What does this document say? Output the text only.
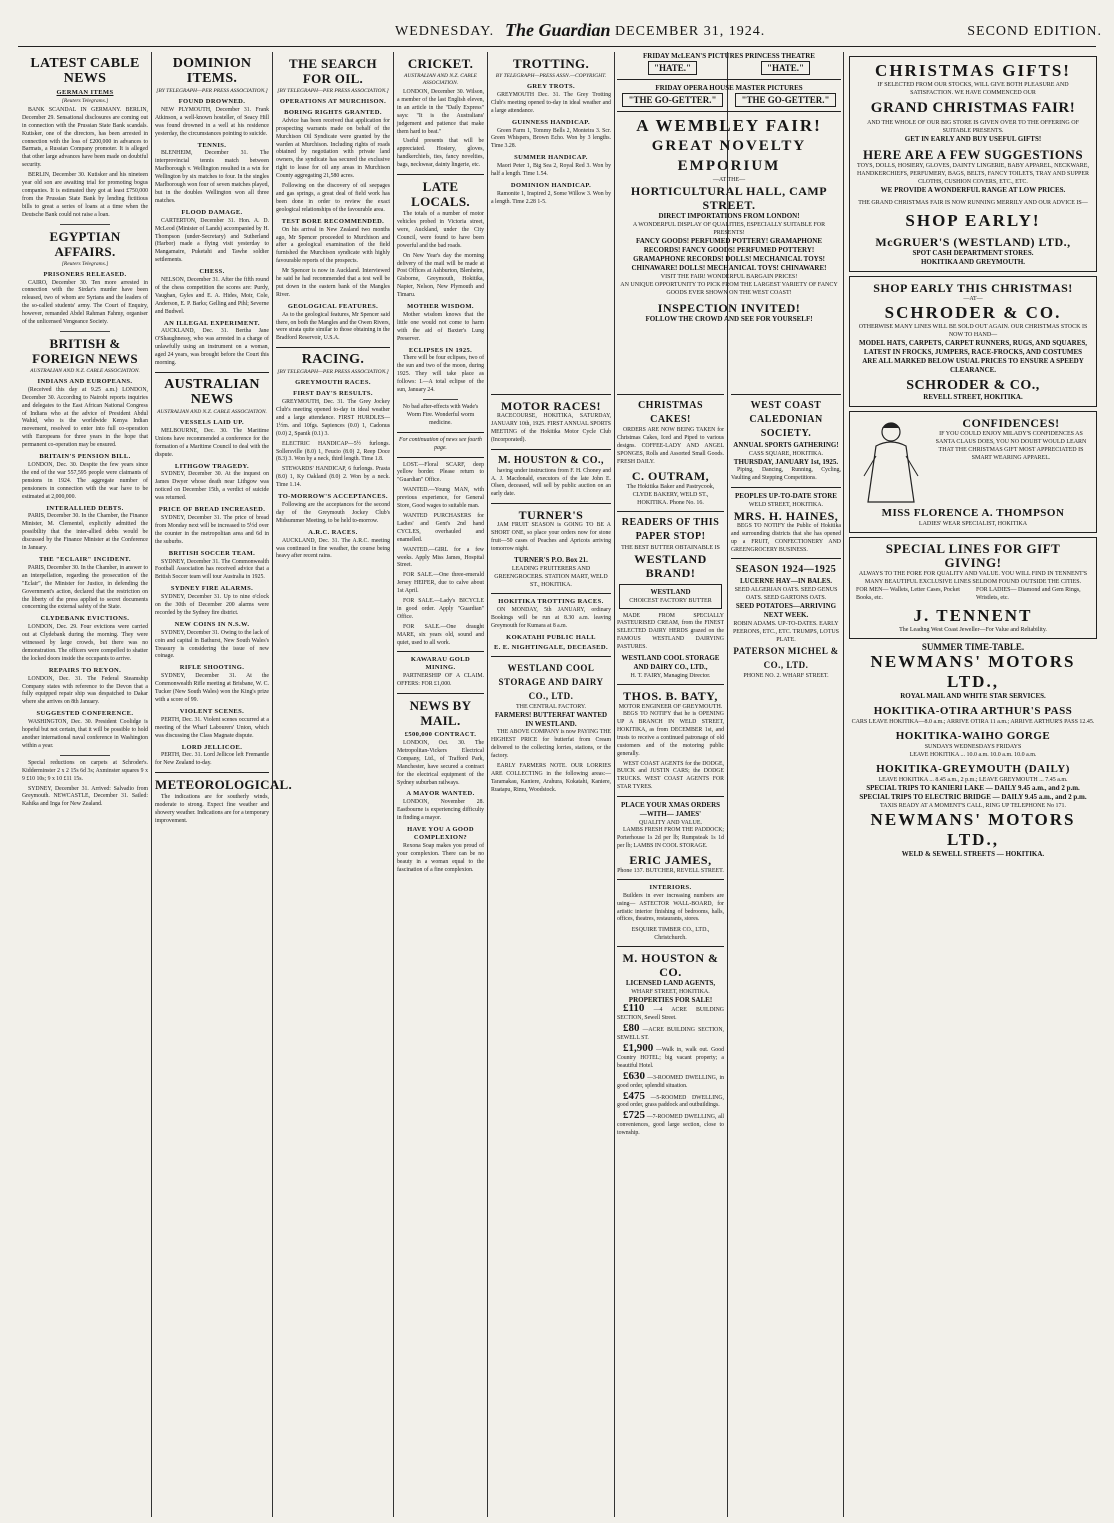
WEDNESDAY. The Guardian DECEMBER 31, 1924.	SECOND EDITION.
LATEST CABLE NEWS
GERMAN ITEMS
[Reuters Telegrams.]
BANK SCANDAL IN GERMANY. BERLIN, December 29. Sensational disclosures are coming out in connection with the Prussian State Bank scandals. Kutisker, one of the directors, has been arrested in connection with the loss of £200,000 in advances to Barmats, a Russian Company promoter. It is alleged that other large advances have been made on doubtful security.
BERLIN, December 30. Kutisker and his nineteen year old son are awaiting trial for promoting bogus companies. It is estimated they got at least £750,000 from the Prussian State Bank by lending fictitious bills to great a series of loans at a time when the Deutsche Bank could not raise a loan.
EGYPTIAN AFFAIRS.
[Reuters Telegrams.]
PRISONERS RELEASED.
CAIRO, December 30. Ten more arrested in connection with the Sirdar's murder have been released, two of whom are Syrians and the leaders of the so-called students' army. The Court of Enquiry, however, remanded Abdel Rahman Fahmy, organiser of the unlicensed Vengeance Society.
BRITISH & FOREIGN NEWS
AUSTRALIAN AND N.Z. CABLE ASSOCIATION.
INDIANS AND EUROPEANS.
(Received this day at 9.25 a.m.) LONDON, December 30. According to Nairobi reports inquiries and delegates to the East African National Congress of Indians who at the advice of President Abdul Wahid, who is the worldwide Kenya Indian movement, resolved to enter into full co-operation with Europeans for three years in the hope that permanent co-operation may be ensured.
BRITAIN'S PENSION BILL.
LONDON, Dec. 30. Despite the few years since the end of the war 557,595 people were claimants of pensions in 1924. The aggregate number of pensioners in connection with the war have to be estimated at 2,000,000.
INTERALLIED DEBTS.
PARIS, December 30. In the Chamber, the Finance Minister, M. Clementel, explicitly admitted the possibility that the inter-allied debts would be discussed by the Finance Minister at the Conference in January.
THE "ECLAIR" INCIDENT.
PARIS, December 30. In the Chamber, in answer to an interpellation, regarding the prosecution of the "Eclair", the Minister for Justice, in defending the Government's action, declared that the restriction on the liberty of the press applied to secret documents concerning the external safety of the State.
CLYDEBANK EVICTIONS.
LONDON, Dec. 29. Four evictions were carried out at Clydebank during the morning. They were witnessed by large crowds, but there was no demonstration. The officers were compelled to shatter the locked doors inside the occupants to arrive.
REPAIRS TO REYON.
LONDON, Dec. 31. The Federal Steamship Company states with reference to the Devon that a fully equipped repair ship was despatched to Dakar where she arrives on 8th January.
SUGGESTED CONFERENCE.
WASHINGTON, Dec. 30. President Coolidge is hopeful but not certain, that it will be possible to hold another international naval conference in Washington within a year.
Special reductions on carpets at Schroder's. Kidderminster 2 x 2 15s 6d 3s; Axminster squares 9 x 9 £10 10s; 9 x 10 £11 15s.
SYDNEY, December 31. Arrived: Salvadio from Greymouth. NEWCASTLE, December 31. Sailed: Kahika and Inga for New Zealand.
DOMINION ITEMS.
[BY TELEGRAPH—PER PRESS ASSOCIATION.]
FOUND DROWNED.
NEW PLYMOUTH, December 31. Frank Atkinson, a well-known hosteller, of Seacy Hill was found drowned in a well at his residence yesterday, the circumstances pointing to suicide.
TENNIS.
BLENHEIM, December 31. The interprovincial tennis match between Marlborough v. Wellington resulted in a win for Wellington by six matches to four. In the singles Marlborough won four of seven matches played, but in the doubles Wellington won all three matches.
FLOOD DAMAGE.
CARTERTON, December 31. Hon. A. D. McLeod (Minister of Lands) accompanied by H. Thompson (under-Secretary) and Sutherland (Harbor) made a flying visit yesterday to Mangamaire, Puketahi and Tawhe soldier settlements.
CHESS.
NELSON, December 31. After the fifth round of the chess competition the scores are: Purdy, Vaughan, Gyles and E. A. Hides, Moir, Cole, Anderson, E. P. Barks; Gelling and Pihl; Severne and Budwel.
AN ILLEGAL EXPERIMENT.
AUCKLAND, Dec. 31. Bertha Jane O'Shaughnessy, who was arrested in a charge of unlawfully using an instrument on a woman, aged 24 years, was brought before the Court this morning.
AUSTRALIAN NEWS
AUSTRALIAN AND N.Z. CABLE ASSOCIATION.
VESSELS LAID UP.
MELBOURNE, Dec. 30. The Maritime Unions have recommended a conference for the formation of a Maritime Council to deal with the dispute.
LITHGOW TRAGEDY.
SYDNEY, December 30. At the inquest on James Dwyer whose death near Lithgow was noticed on December 15th, a verdict of suicide was returned.
PRICE OF BREAD INCREASED.
SYDNEY, December 31. The price of bread from Monday next will be increased to 5½d over the counter in the metropolitan area and 6d in the suburbs.
BRITISH SOCCER TEAM.
SYDNEY, December 31. The Commonwealth Football Association has received advice that a British Soccer team will tour Australia in 1925.
SYDNEY FIRE ALARMS.
SYDNEY, December 31. Up to nine o'clock on the 30th of December 200 alarms were recorded by the Sydney fire district.
NEW COINS IN N.S.W.
SYDNEY, December 31. Owing to the lack of coin and capital in Bathurst, New South Wales's Treasury is considering the issue of new coinage.
RIFLE SHOOTING.
SYDNEY, December 31. At the Commonwealth Rifle meeting at Brisbane, W. C. Tucker (New South Wales) won the King's prize with a score of 99.
VIOLENT SCENES.
PERTH, Dec. 31. Violent scenes occurred at a meeting of the Wharf Labourers' Union, which was discussing the Class Magnate dispute.
LORD JELLICOE.
PERTH, Dec. 31. Lord Jellicoe left Fremantle for New Zealand to-day.
METEOROLOGICAL.
The indications are for southerly winds, moderate to strong. Expect fine weather and showery weather. Indications are for a temporary improvement.
THE SEARCH FOR OIL.
[BY TELEGRAPH—PER PRESS ASSOCIATION.]
OPERATIONS AT MURCHISON.
BORING RIGHTS GRANTED.
Advice has been received that application for prospecting warrants made on behalf of the Murchison Oil Syndicate were granted by the warden at Murchison. Including rights of roads obtained by negotiation with private land owners, the syndicate has secured the exclusive right to lease for oil any areas in Murchison County aggregating 21,580 acres.
Following on the discovery of oil seepages and gas springs, a great deal of field work has been done in order to review the exact geological relationships of the favourable area.
TEST BORE RECOMMENDED.
On his arrival in New Zealand two months ago, Mr Spencer proceeded to Murchison and after a geological examination of the field furnished the Murchison syndicate with highly favourable reports of the prospects.
Mr Spencer is now in Auckland. Interviewed he said he had recommended that a test well be put down in the eastern bank of the Mangles River.
GEOLOGICAL FEATURES.
As to the geological features, Mr Spencer said there, on both the Mangles and the Owen Rivers, were strata quite similar to those obtaining in the Bradford Reservoir, U.S.A.
RACING.
[BY TELEGRAPH—PER PRESS ASSOCIATION.]
GREYMOUTH RACES.
FIRST DAY'S RESULTS.
GREYMOUTH, Dec. 31. The Grey Jockey Club's meeting opened to-day in ideal weather and a large attendance. FIRST HURDLES—1½m. and 10fgs. Sapiences (0.0) 1, Cadonus (0.0) 2, Spanik (0.1) 3.
ELECTRIC HANDICAP—5½ furlongs. Sollersville (8.0) 1, Feucio (8.0) 2, Reep Doce (8.3) 3. Won by a neck, third length. Time 1.8.
STEWARDS' HANDICAP, 6 furlongs. Prasta (8.0) 1, Ky Oakland (8.0) 2. Won by a neck. Time 1.14.
TO-MORROW'S ACCEPTANCES.
Following are the acceptances for the second day of the Greymouth Jockey Club's Midsummer Meeting, to be held to-morrow.
A.R.C. RACES.
AUCKLAND, Dec. 31. The A.R.C. meeting was continued in fine weather, the course being heavy after recent rains.
CRICKET.
AUSTRALIAN AND N.Z. CABLE ASSOCIATION.
LONDON, December 30. Wilson, a member of the last English eleven, in an article in the "Daily Express" says: "It is the Australians' judgement and patience that make them hard to beat."
Useful presents that will be appreciated. Hosiery, gloves, handkerchiefs, ties, fancy novelties, bags, neckwear, dainty lingerie, etc.
LATE LOCALS.
The totals of a number of motor vehicles probed in Victoria street, were, Auckland, under the City Council, were found to have been powerful and the bad roads.
On New Year's day the morning delivery of the mail will be made at Post Offices at Ashburton, Blenheim, Gisborne, Greymouth, Hokitika, Napier, Nelson, New Plymouth and Timaru.
MOTHER WISDOM.
Mother wisdom knows that the little one would not come to harm with the aid of Baxter's Lung Preserver.
ECLIPSES IN 1925.
There will be four eclipses, two of the sun and two of the moon, during 1925. They will take place as follows: I.—A total eclipse of the sun, January 24.
No bad after-effects with Wade's Worm Fire. Wonderful worm medicine.
For continuation of news see fourth page.
LOST.—Floral SCARF, deep yellow border. Please return to "Guardian" Office.
WANTED.—Young MAN, with previous experience, for General Store, Good wages to suitable man.
WANTED PURCHASERS for Ladies' and Gent's 2nd hand CYCLES, overhauled and enamelled.
WANTED.—GIRL for a few weeks. Apply Miss James, Hospital Street.
FOR SALE.—One three-emerald Jersey HEIFER, due to calve about 1st April.
FOR SALE.—Lady's BICYCLE in good order. Apply "Guardian" Office.
FOR SALE.—One draught MARE, six years old, sound and quiet, used to all work.
KAWARAU GOLD MINING.
PARTNERSHIP OF A CLAIM. OFFERS: FOR £1,000.
NEWS BY MAIL.
£500,000 CONTRACT.
LONDON, Oct. 30. The Metropolitan-Vickers Electrical Company, Ltd., of Trafford Park, Manchester, have secured a contract for the electrical equipment of the Sydney suburban railways.
A MAYOR WANTED.
LONDON, November 28. Eastbourne is experiencing difficulty in finding a mayor.
HAVE YOU A GOOD COMPLEXION?
Rexona Soap makes you proud of your complexion. There can be no beauty in a woman equal to the fascination of a fine complexion.
TROTTING.
BY TELEGRAPH—PRESS ASSN.—COPYRIGHT.
GREY TROTS.
GREYMOUTH Dec. 31. The Grey Trotting Club's meeting opened to-day in ideal weather and a large attendance.
GUINNESS HANDICAP.
Green Farm 1, Tommy Bells 2, Monteira 3. Scr. Green Whispers, Brown Echo. Won by 3 lengths. Time 3.28.
SUMMER HANDICAP.
Maori Peter 1, Big Sea 2, Royal Red 3. Won by half a length. Time 1.54.
DOMINION HANDICAP.
Ramonite 1, Inspired 2, Some Willow 3. Won by a length. Time 2.28 1-5.
FRIDAY McLEAN'S PICTURES PRINCESS THEATRE
"HATE."	"HATE."
FRIDAY OPERA HOUSE MASTER PICTURES
"THE GO-GETTER."	"THE GO-GETTER."
A WEMBLEY FAIR!
GREAT NOVELTY EMPORIUM
—AT THE—
HORTICULTURAL HALL, CAMP STREET.
DIRECT IMPORTATIONS FROM LONDON!
A WONDERFUL DISPLAY OF QUALITIES, ESPECIALLY SUITABLE FOR PRESENTS!
FANCY GOODS! PERFUMED POTTERY! GRAMAPHONE RECORDS! FANCY GOODS! PERFUMED POTTERY! GRAMAPHONE RECORDS! DOLLS! MECHANICAL TOYS! CHINAWARE! DOLLS! MECHANICAL TOYS! CHINAWARE!
VISIT THE FAIR! WONDERFUL BARGAIN PRICES!
AN UNIQUE OPPORTUNITY TO PICK FROM THE LARGEST VARIETY OF FANCY GOODS EVER SHOWN ON THE WEST COAST!
INSPECTION INVITED!
FOLLOW THE CROWD AND SEE FOR YOURSELF!
MOTOR RACES!
RACECOURSE, HOKITIKA, SATURDAY, JANUARY 10th, 1925. FIRST ANNUAL SPORTS MEETING of the Hokitika Motor Cycle Club (Incorporated).
M. HOUSTON & CO.,
having under instructions from F. H. Choney and A. J. Macdonald, executors of the late John E. Olsen, deceased, will sell by public auction on an early date.
TURNER'S
JAM FRUIT SEASON is GOING TO BE A SHORT ONE, so place your orders now for stone fruit—50 cases of Peaches and Apricots arriving tomorrow night.
TURNER'S P.O. Box 21.
LEADING FRUITERERS AND GREENGROCERS. STATION MART, WELD ST., HOKITIKA.
HOKITIKA TROTTING RACES.
ON MONDAY, 5th JANUARY, ordinary Bookings will be run at 8.30 a.m. leaving Greymouth for Kumara at 8 a.m.
KOKATAHI PUBLIC HALL
E. E. NIGHTINGALE, DECEASED.
WESTLAND COOL STORAGE AND DAIRY CO., LTD.
THE CENTRAL FACTORY.
FARMERS! BUTTERFAT WANTED IN WESTLAND.
THE ABOVE COMPANY is now PAYING THE HIGHEST PRICE for butterfat from Cream delivered to the collecting lorries, stations, or the factory.
EARLY FARMERS NOTE. OUR LORRIES ARE COLLECTING in the following areas:—Taramakau, Kaniere, Arahura, Kokatahi, Kaniere, Ruatapu, Rimu, Woodstock.
CHRISTMAS CAKES!
ORDERS ARE NOW BEING TAKEN for Christmas Cakes, Iced and Piped to various designs. COFFEE-LADY AND ANGEL SPONGES, Rolls and Assorted Small Goods. FRESH DAILY.
C. OUTRAM,
The Hokitika Baker and Pastrycook, CLYDE BAKERY, WELD ST., HOKITIKA. Phone No. 16.
READERS OF THIS PAPER STOP!
THE BEST BUTTER OBTAINABLE IS
WESTLAND BRAND!
WESTLAND
CHOICEST FACTORY BUTTER
MADE FROM SPECIALLY PASTEURISED CREAM, from the FINEST SELECTED DAIRY HERDS grazed on the FAMOUS WESTLAND DAIRYING PASTURES.
WESTLAND COOL STORAGE AND DAIRY CO., LTD.,
H. T. FAIRY, Managing Director.
THOS. B. BATY,
MOTOR ENGINEER OF GREYMOUTH.
BEGS TO NOTIFY that he is OPENING UP A BRANCH IN WELD STREET, HOKITIKA, as from DECEMBER 1st, and trusts to receive a continued patronage of old customers and of the motoring public generally.
WEST COAST AGENTS for the DODGE, BUICK and JUSTIN CARS; the DODGE TRUCKS. WEST COAST AGENTS FOR STAR TYRES.
PLACE YOUR XMAS ORDERS —WITH— JAMES'
QUALITY AND VALUE.
LAMBS FRESH FROM THE PADDOCK; Porterhouse 1s 2d per lb; Rumpsteak 1s 1d per lb; LAMBS IN COOL STORAGE.
ERIC JAMES,
Phone 137. BUTCHER, REVELL STREET.
INTERIORS.
Builders in ever increasing numbers are using— ASTECTOR WALL-BOARD, for artistic interior finishing of bedrooms, halls, offices, theatres, restaurants, stores.
ESQUIRE TIMBER CO., LTD., Christchurch.
M. HOUSTON & CO.
LICENSED LAND AGENTS,
WHARF STREET, HOKITIKA.
PROPERTIES FOR SALE!
£110 —4 ACRE BUILDING SECTION, Sewell Street.
£80 —ACRE BUILDING SECTION, SEWELL ST.
£1,900 —Walk in, walk out. Good Country HOTEL; big vacant property; a beautiful Hotel.
£630 —3-ROOMED DWELLING, in good order, splendid situation.
£475 —5-ROOMED DWELLING, good order, grass paddock and outbuildings.
£725 —7-ROOMED DWELLING, all conveniences, good large section, close to township.
WEST COAST CALEDONIAN SOCIETY.
ANNUAL SPORTS GATHERING!
CASS SQUARE, HOKITIKA.
THURSDAY, JANUARY 1st, 1925.
Piping, Dancing, Running, Cycling, Vaulting and Stepping Competitions.
PEOPLES UP-TO-DATE STORE
WELD STREET, HOKITIKA.
MRS. H. HAINES,
BEGS TO NOTIFY the Public of Hokitika and surrounding districts that she has opened up a FRUIT, CONFECTIONERY AND GREENGROCERY BUSINESS.
SEASON 1924—1925
LUCERNE HAY—IN BALES.
SEED ALGERIAN OATS. SEED GENUS OATS. SEED GARTONS OATS.
SEED POTATOES—ARRIVING NEXT WEEK.
ROBIN ADAMS. UP-TO-DATES. EARLY PEERONS, ETC., ETC. TRUMPS, LOTUS PLATE.
PATERSON MICHEL & CO., LTD.
PHONE NO. 2. WHARF STREET.
CHRISTMAS GIFTS!
IF SELECTED FROM OUR STOCKS, WILL GIVE BOTH PLEASURE AND SATISFACTION. WE HAVE COMMENCED OUR
GRAND CHRISTMAS FAIR!
AND THE WHOLE OF OUR BIG STORE IS GIVEN OVER TO THE OFFERING OF SUITABLE PRESENTS.
GET IN EARLY AND BUY USEFUL GIFTS!
HERE ARE A FEW SUGGESTIONS
TOYS, DOLLS, HOSIERY, GLOVES, DAINTY LINGERIE, BABY APPAREL, NECKWARE, HANDKERCHIEFS, PERFUMERY, BAGS, BELTS, FANCY TOILETS, TRAY AND SUPPER CLOTHS, CUSHION COVERS, ETC., ETC.
WE PROVIDE A WONDERFUL RANGE AT LOW PRICES.
THE GRAND CHRISTMAS FAIR IS NOW RUNNING MERRILY AND OUR ADVICE IS—
SHOP EARLY!
McGRUER'S (WESTLAND) LTD.,
SPOT CASH DEPARTMENT STORES.
HOKITIKA AND GREYMOUTH.
SHOP EARLY THIS CHRISTMAS!
—AT—
SCHRODER & CO.
OTHERWISE MANY LINES WILL BE SOLD OUT AGAIN. OUR CHRISTMAS STOCK IS NOW TO HAND—
MODEL HATS, CARPETS, CARPET RUNNERS, RUGS, AND SQUARES, LATEST IN FROCKS, JUMPERS, RACE-FROCKS, AND COSTUMES ARE ALL MARKED BELOW USUAL PRICES TO ENSURE A SPEEDY CLEARANCE.
SCHRODER & CO.,
REVELL STREET, HOKITIKA.
CONFIDENCES!
IF YOU COULD ENJOY MILADY'S CONFIDENCES AS SANTA CLAUS DOES, YOU NO DOUBT WOULD LEARN THAT THE CHRISTMAS GIFT MOST APPRECIATED IS SMART WEARING APPAREL.
MISS FLORENCE A. THOMPSON
LADIES' WEAR SPECIALIST, HOKITIKA
SPECIAL LINES FOR GIFT GIVING!
ALWAYS TO THE FORE FOR QUALITY AND VALUE. YOU WILL FIND IN TENNENT'S MANY BEAUTIFUL EXCLUSIVE LINES SELDOM FOUND OUTSIDE THE CITIES.
FOR MEN— Wallets, Letter Cases, Pocket Books, etc.
FOR LADIES— Diamond and Gem Rings, Wristlets, etc.
J. TENNENT
The Leading West Coast Jeweller—For Value and Reliability.
SUMMER TIME-TABLE.
NEWMANS' MOTORS LTD.,
ROYAL MAIL AND WHITE STAR SERVICES.
HOKITIKA-OTIRA ARTHUR'S PASS
CARS LEAVE HOKITIKA—8.0 a.m.; ARRIVE OTIRA 11 a.m.; ARRIVE ARTHUR'S PASS 12.45.
HOKITIKA-WAIHO GORGE
SUNDAYS WEDNESDAYS FRIDAYS
LEAVE HOKITIKA ... 10.0 a.m. 10.0 a.m. 10.0 a.m.
HOKITIKA-GREYMOUTH (DAILY)
LEAVE HOKITIKA ... 8.45 a.m., 2 p.m.; LEAVE GREYMOUTH ... 7.45 a.m.
SPECIAL TRIPS TO KANIERI LAKE — DAILY 9.45 a.m., and 2 p.m.
SPECIAL TRIPS TO ELECTRIC BRIDGE — DAILY 9.45 a.m., and 2 p.m.
TAXIS READY AT A MOMENT'S CALL, RING UP TELEPHONE No 171.
NEWMANS' MOTORS LTD.,
WELD & SEWELL STREETS — HOKITIKA.
